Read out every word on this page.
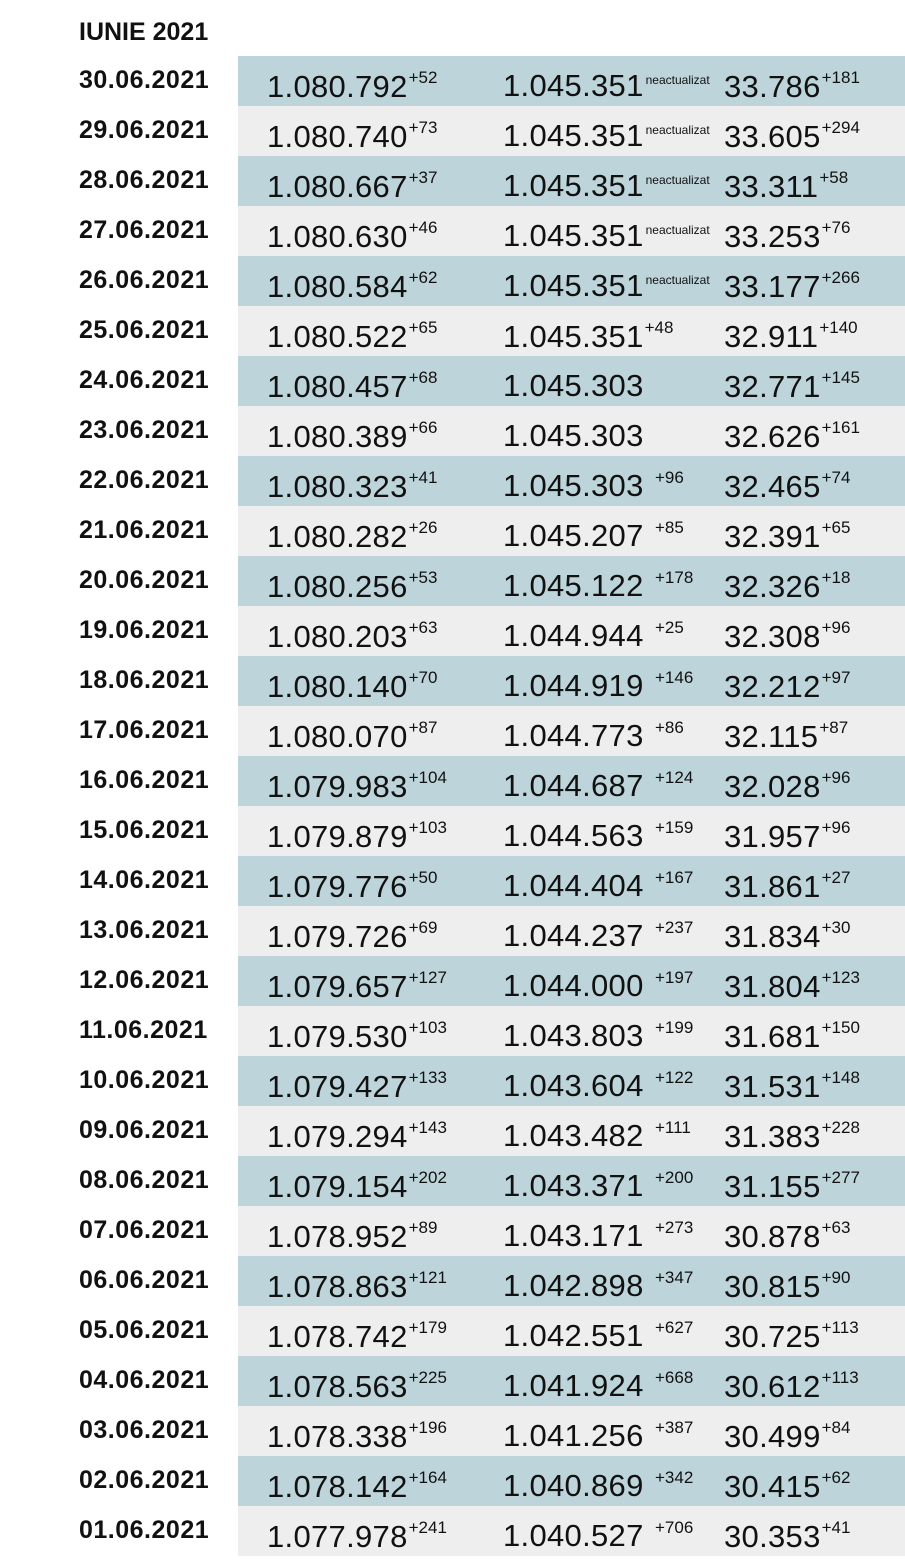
IUNIE 2021
30.06.2021 $1.080.792^{+52}$ 1.045.351 $^{neactualizat}$ $33.786^{+181}$
29.06.2021 $1.080.740^{+73}$ 1.045.351 $^{neactualizat}$ $33.605^{+294}$
28.06.2021 $1.080.667^{+37}$ 1.045.351 $^{neactualizat}$ $33.311^{+58}$
27.06.2021 $1.080.630^{+46}$ 1.045.351 $^{neactualizat}$ $33.253^{+76}$
26.06.2021 $1.080.584^{+62}$ 1.045.351 $^{neactualizat}$ $33.177^{+266}$
25.06.2021 $1.080.522^{+65}$ $1.045.351^{+48}$ $32.911^{+140}$
24.06.2021 $1.080.457^{+68}$ 1.045.303	$32.771^{+145}$
23.06.2021 $1.080.389^{+66}$ 1.045.303	$32.626^{+161}$
22.06.2021 $1.080.323^{+41}$ 1.045.303 +96 $32.465^{+74}$
21.06.2021 $1.080.282^{+26}$ 1.045.207 +85 $32.391^{+65}$
20.06.2021 $1.080.256^{+53}$ 1.045.122 +178 $32.326^{+18}$
19.06.2021 $1.080.203^{+63}$ 1.044.944 +25 $32.308^{+96}$
18.06.2021 $1.080.140^{+70}$ 1.044.919 +146 $32.212^{+97}$
17.06.2021 $1.080.070^{+87}$ 1.044.773 +86 $32.115^{+87}$
16.06.2021 $1.079.983^{+104}$ 1.044.687 +124 $32.028^{+96}$
15.06.2021 $1.079.879^{+103}$ 1.044.563 +159 $31.957^{+96}$
14.06.2021 $1.079.776^{+50}$ 1.044.404 +167 $31.861^{+27}$
13.06.2021 $1.079.726^{+69}$ 1.044.237 +237 $31.834^{+30}$
12.06.2021 $1.079.657^{+127}$ 1.044.000 +197 $31.804^{+123}$
11.06.2021 $1.079.530^{+103}$ 1.043.803 +199 $31.681^{+150}$
10.06.2021 $1.079.427^{+133}$ 1.043.604 +122 $31.531^{+148}$
09.06.2021 $1.079.294^{+143}$ 1.043.482 +111 $31.383^{+228}$
08.06.2021 $1.079.154^{+202}$ 1.043.371 +200 $31.155^{+277}$
07.06.2021 $1.078.952^{+89}$ 1.043.171 +273 $30.878^{+63}$
06.06.2021 $1.078.863^{+121}$ 1.042.898 +347 $30.815^{+90}$
05.06.2021 $1.078.742^{+179}$ 1.042.551 +627 $30.725^{+113}$
04.06.2021 $1.078.563^{+225}$ 1.041.924 +668 $30.612^{+113}$
03.06.2021 $1.078.338^{+196}$ 1.041.256 +387 $30.499^{+84}$
02.06.2021 $1.078.142^{+164}$ 1.040.869 +342 $30.415^{+62}$
01.06.2021 $1.077.978^{+241}$ 1.040.527 +706 $30.353^{+41}$
